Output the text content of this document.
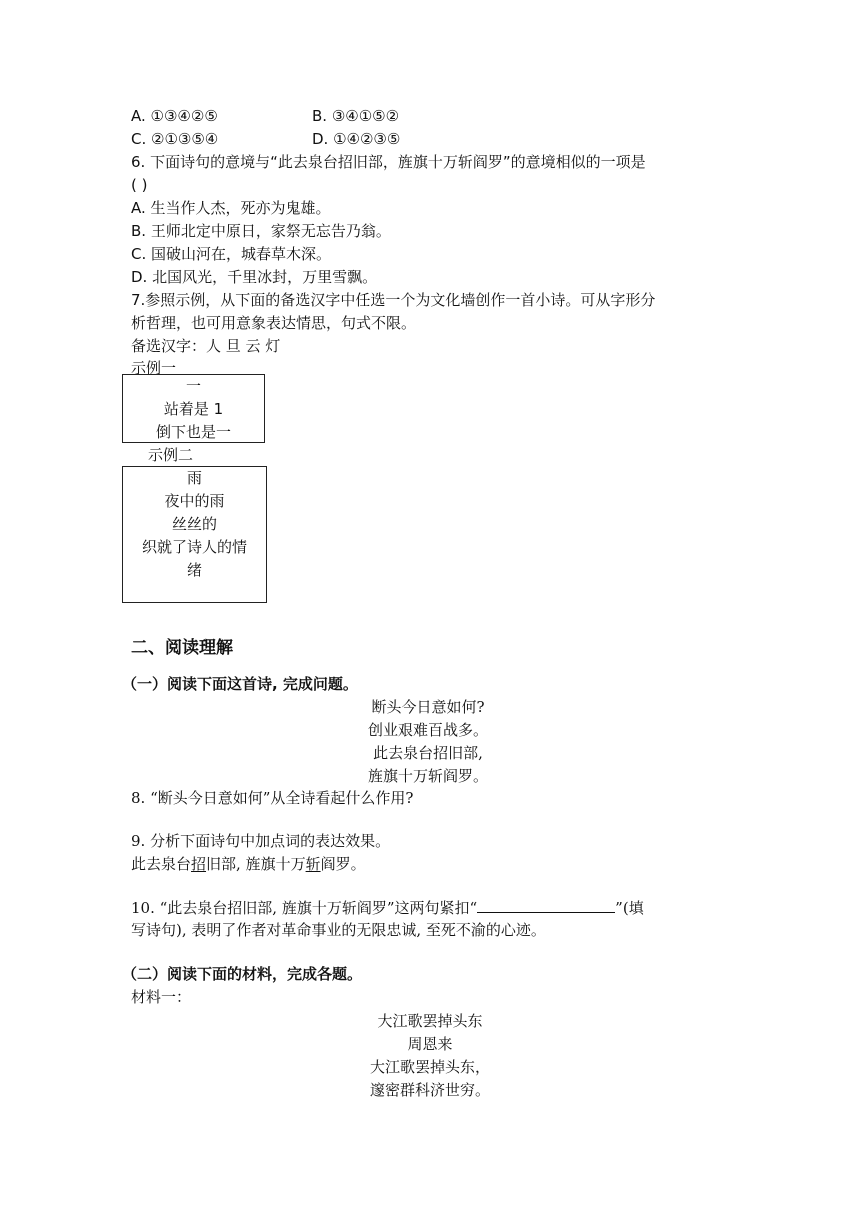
A. ①③④②⑤	B. ③④①⑤②
C. ②①③⑤④	D. ①④②③⑤
6. 下面诗句的意境与“此去泉台招旧部，旌旗十万斩阎罗”的意境相似的一项是
( )
A. 生当作人杰，死亦为鬼雄。
B. 王师北定中原日，家祭无忘告乃翁。
C. 国破山河在，城春草木深。
D. 北国风光，千里冰封，万里雪飘。
7.参照示例，从下面的备选汉字中任选一个为文化墙创作一首小诗。可从字形分
析哲理，也可用意象表达情思，句式不限。
备选汉字：人 旦 云 灯
示例一
一
站着是 1
倒下也是一
示例二
雨
夜中的雨
丝丝的
织就了诗人的情
绪
二、阅读理解
（一）阅读下面这首诗, 完成问题。
断头今日意如何?
创业艰难百战多。
此去泉台招旧部,
旌旗十万斩阎罗。
8. “断头今日意如何”从全诗看起什么作用?
9. 分析下面诗句中加点词的表达效果。
此去泉台招旧部, 旌旗十万斩阎罗。
10. “此去泉台招旧部, 旌旗十万斩阎罗”这两句紧扣“	”(填
写诗句), 表明了作者对革命事业的无限忠诚, 至死不渝的心迹。
（二）阅读下面的材料，完成各题。
材料一：
大江歌罢掉头东
周恩来
大江歌罢掉头东，
邃密群科济世穷。
